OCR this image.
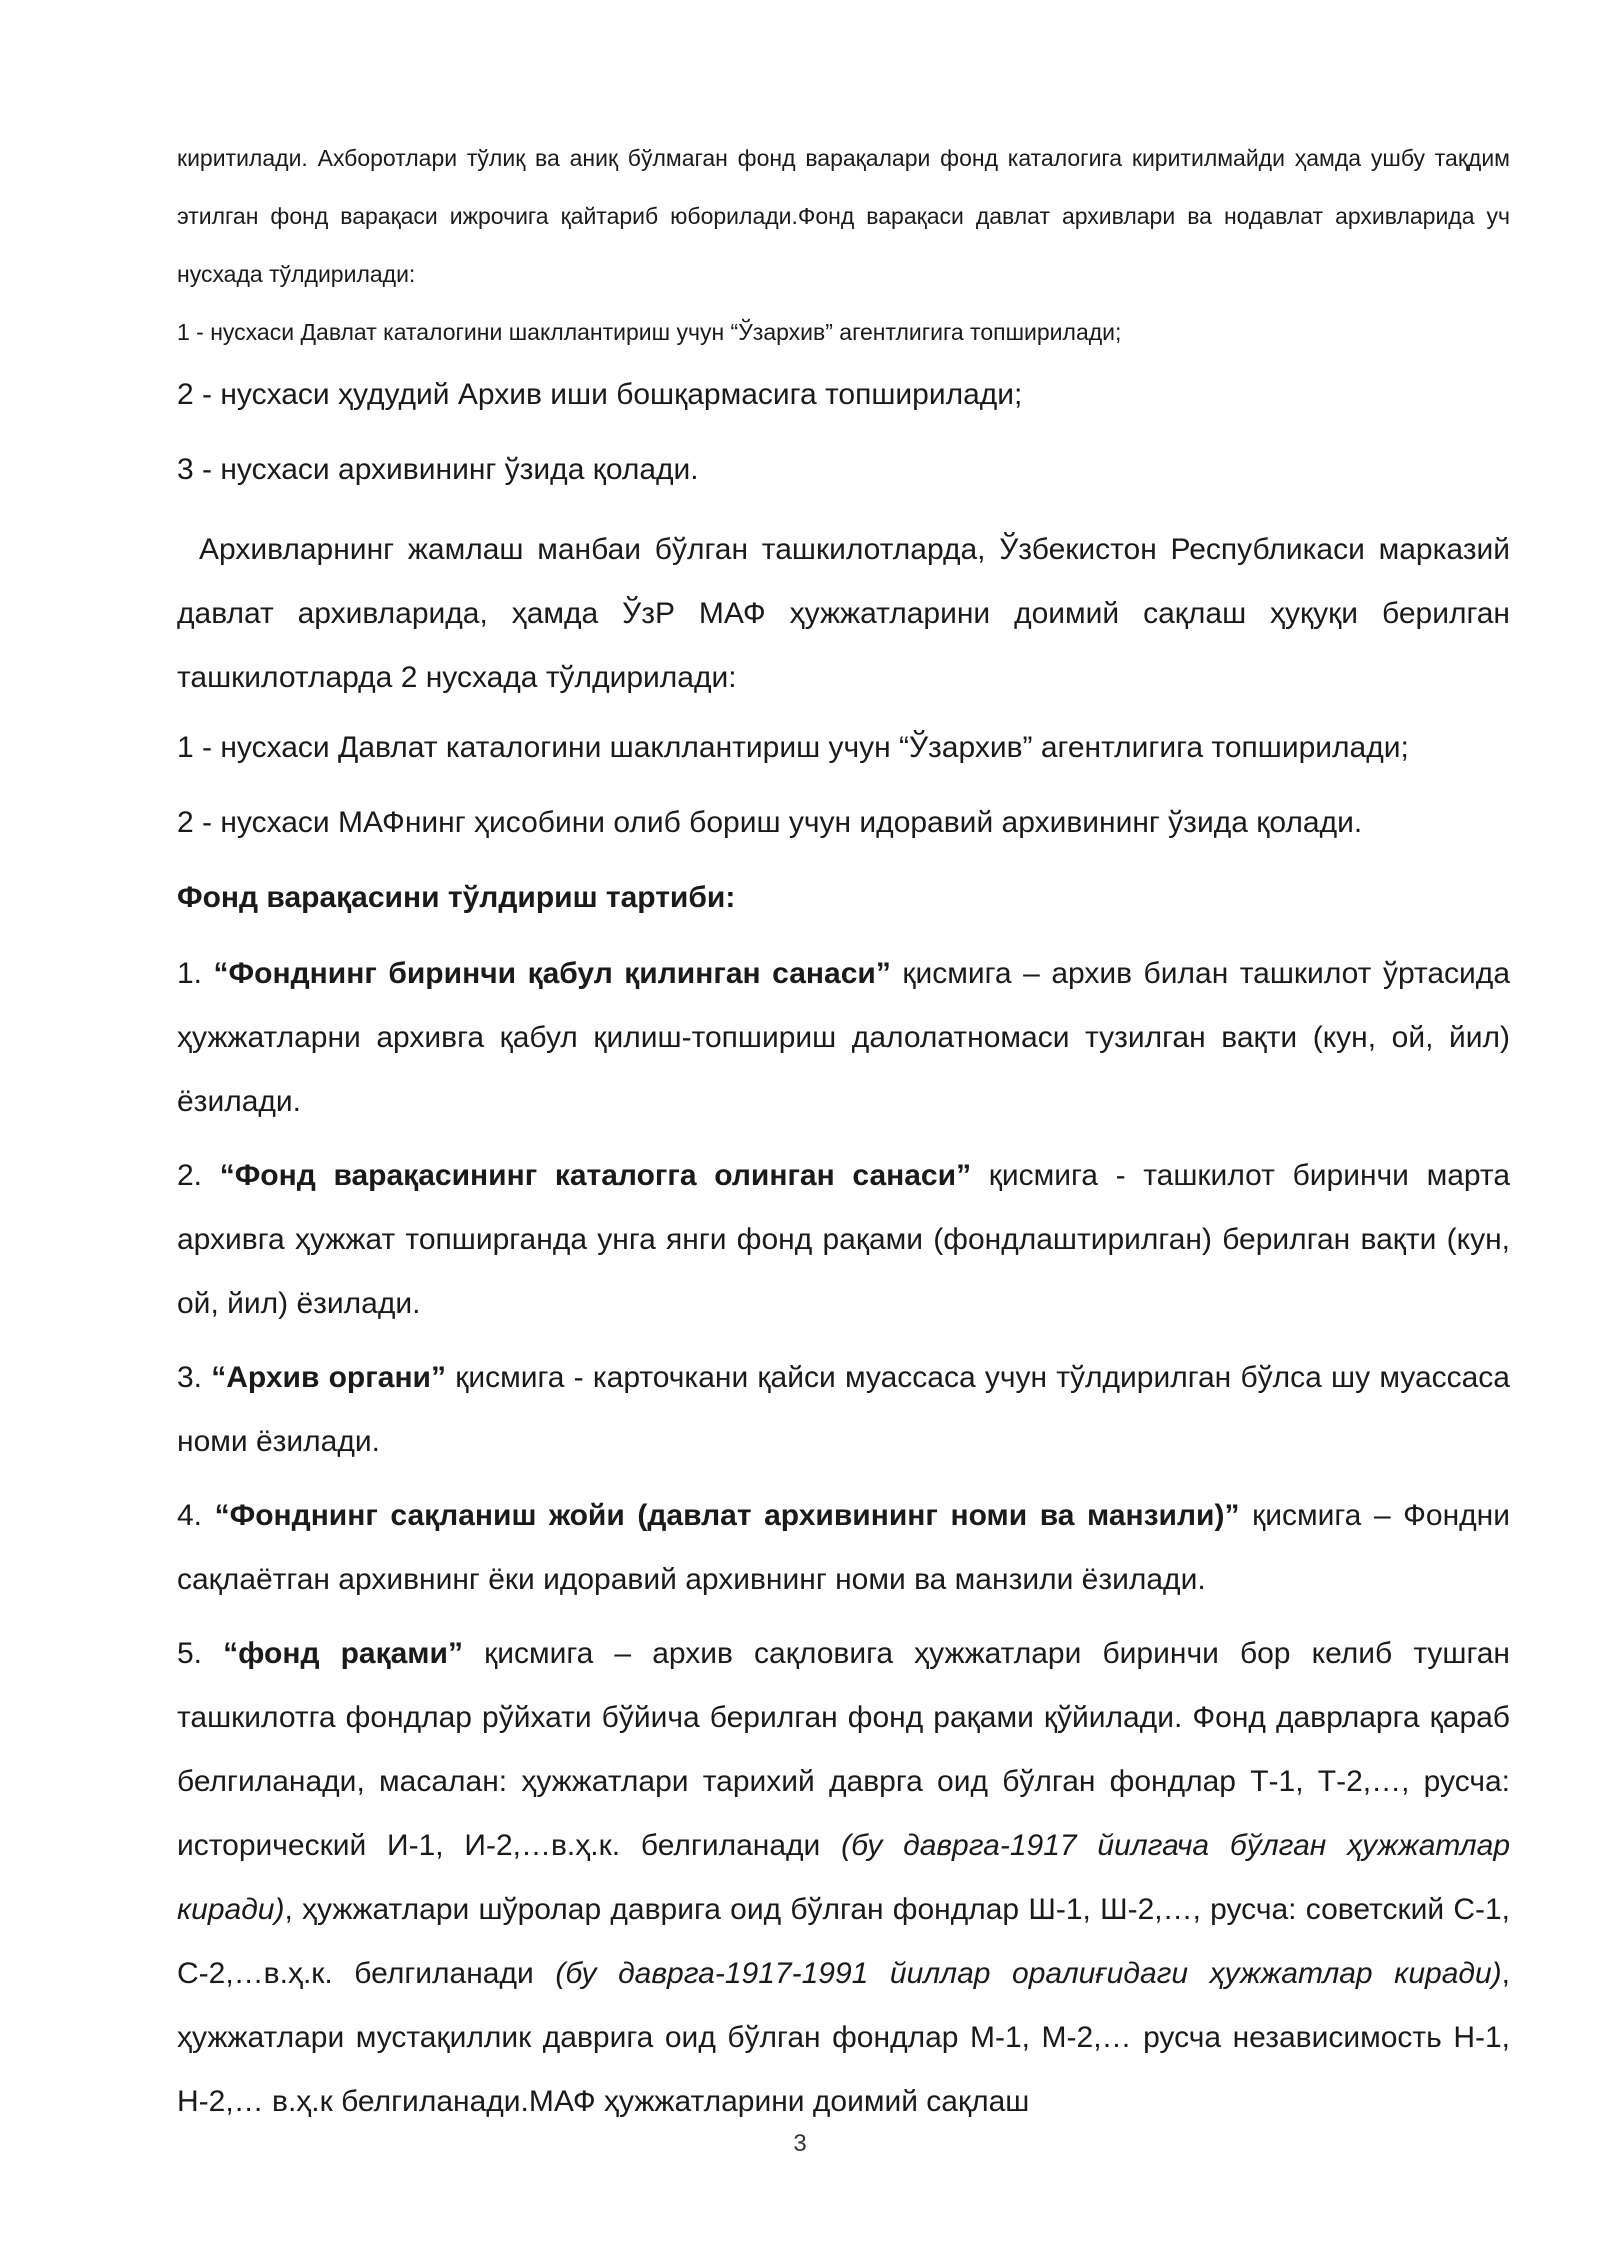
киритилади. Ахборотлари тўлиқ ва аниқ бўлмаган фонд варақалари фонд каталогига киритилмайди ҳамда ушбу тақдим этилган фонд варақаси ижрочига қайтариб юборилади.Фонд варақаси давлат архивлари ва нодавлат архивларида уч нусхада тўлдирилади:

1 - нусхаси Давлат каталогини шакллантириш учун “Ўзархив” агентлигига топширилади;

2 - нусхаси ҳудудий Архив иши бошқармасига топширилади;

3 - нусхаси архивининг ўзида қолади.

Архивларнинг жамлаш манбаи бўлган ташкилотларда, Ўзбекистон Республикаси марказий давлат архивларида, ҳамда ЎзР МАФ ҳужжатларини доимий сақлаш ҳуқуқи берилган ташкилотларда 2 нусхада тўлдирилади:

1 - нусхаси Давлат каталогини шакллантириш учун “Ўзархив” агентлигига топширилади;

2 - нусхаси МАФнинг ҳисобини олиб бориш учун идоравий архивининг ўзида қолади.

Фонд варақасини тўлдириш тартиби:

1. “Фонднинг биринчи қабул қилинган санаси” қисмига – архив билан ташкилот ўртасида ҳужжатларни архивга қабул қилиш-топшириш далолатномаси тузилган вақти (кун, ой, йил) ёзилади.

2. “Фонд варақасининг каталогга олинган санаси” қисмига - ташкилот биринчи марта архивга ҳужжат топширганда унга янги фонд рақами (фондлаштирилган) берилган вақти (кун, ой, йил) ёзилади.

3. “Архив органи” қисмига - карточкани қайси муассаса учун тўлдирилган бўлса шу муассаса номи ёзилади.

4. “Фонднинг сақланиш жойи (давлат архивининг номи ва манзили)” қисмига – Фондни сақлаётган архивнинг ёки идоравий архивнинг номи ва манзили ёзилади.

5. “фонд рақами” қисмига – архив сақловига ҳужжатлари биринчи бор келиб тушган ташкилотга фондлар рўйхати бўйича берилган фонд рақами қўйилади. Фонд даврларга қараб белгиланади, масалан: ҳужжатлари тарихий даврга оид бўлган фондлар Т-1, Т-2,…, русча: исторический И-1, И-2,…в.ҳ.к. белгиланади (бу даврга-1917 йилгача бўлган ҳужжатлар киради), ҳужжатлари шўролар даврига оид бўлган фондлар Ш-1, Ш-2,…, русча: советский С-1, С-2,…в.ҳ.к. белгиланади (бу даврга-1917-1991 йиллар оралиғидаги ҳужжатлар киради), ҳужжатлари мустақиллик даврига оид бўлган фондлар М-1, М-2,… русча независимость Н-1, Н-2,… в.ҳ.к белгиланади.МАФ ҳужжатларини доимий сақлаш

3
